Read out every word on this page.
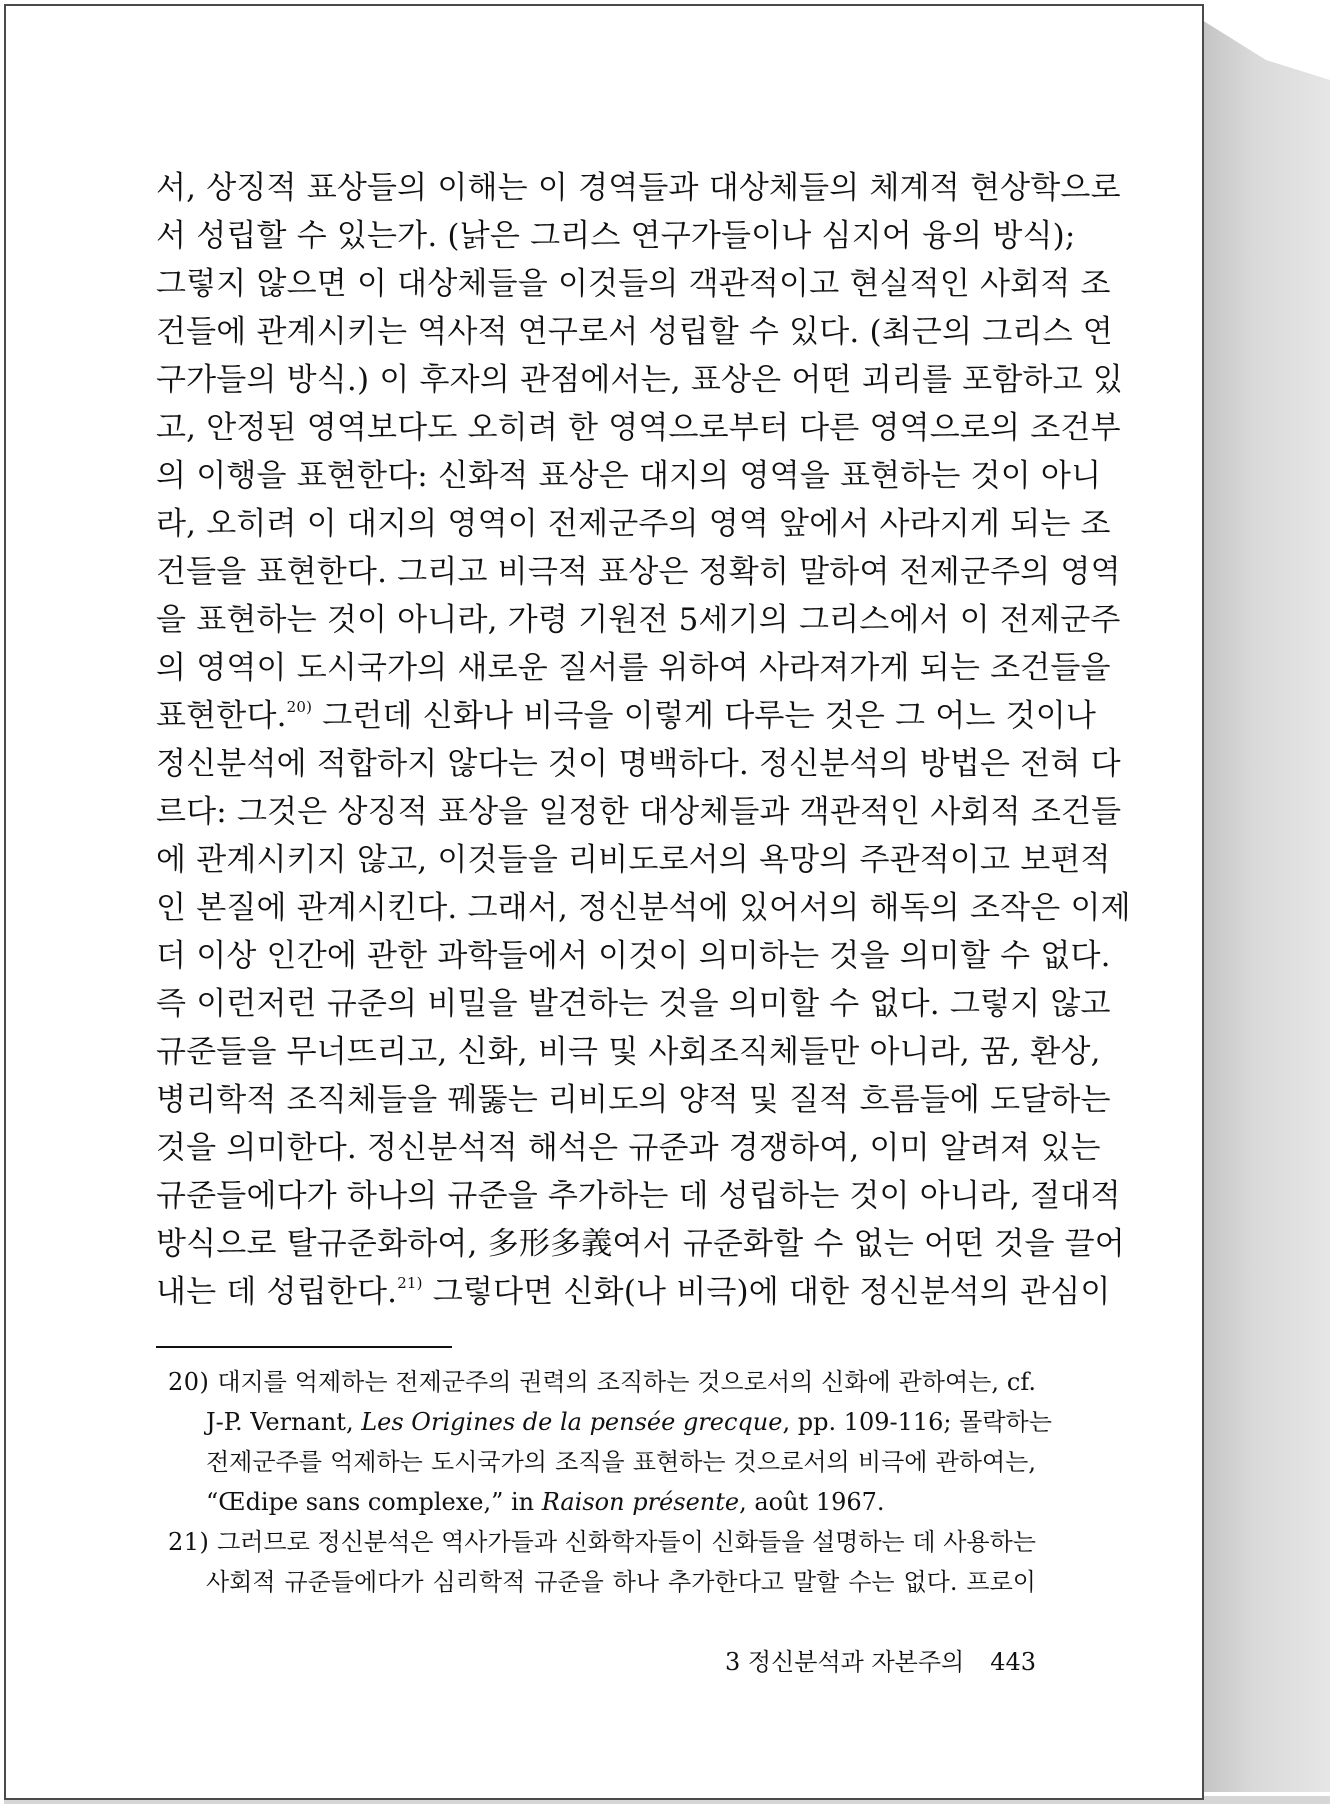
서, 상징적 표상들의 이해는 이 경역들과 대상체들의 체계적 현상학으로
서 성립할 수 있는가. (낡은 그리스 연구가들이나 심지어 융의 방식);
그렇지 않으면 이 대상체들을 이것들의 객관적이고 현실적인 사회적 조
건들에 관계시키는 역사적 연구로서 성립할 수 있다. (최근의 그리스 연
구가들의 방식.) 이 후자의 관점에서는, 표상은 어떤 괴리를 포함하고 있
고, 안정된 영역보다도 오히려 한 영역으로부터 다른 영역으로의 조건부
의 이행을 표현한다: 신화적 표상은 대지의 영역을 표현하는 것이 아니
라, 오히려 이 대지의 영역이 전제군주의 영역 앞에서 사라지게 되는 조
건들을 표현한다. 그리고 비극적 표상은 정확히 말하여 전제군주의 영역
을 표현하는 것이 아니라, 가령 기원전 5세기의 그리스에서 이 전제군주
의 영역이 도시국가의 새로운 질서를 위하여 사라져가게 되는 조건들을
표현한다.$^{20)}$ 그런데 신화나 비극을 이렇게 다루는 것은 그 어느 것이나
정신분석에 적합하지 않다는 것이 명백하다. 정신분석의 방법은 전혀 다
르다: 그것은 상징적 표상을 일정한 대상체들과 객관적인 사회적 조건들
에 관계시키지 않고, 이것들을 리비도로서의 욕망의 주관적이고 보편적
인 본질에 관계시킨다. 그래서, 정신분석에 있어서의 해독의 조작은 이제
더 이상 인간에 관한 과학들에서 이것이 의미하는 것을 의미할 수 없다.
즉 이런저런 규준의 비밀을 발견하는 것을 의미할 수 없다. 그렇지 않고
규준들을 무너뜨리고, 신화, 비극 및 사회조직체들만 아니라, 꿈, 환상,
병리학적 조직체들을 꿰뚫는 리비도의 양적 및 질적 흐름들에 도달하는
것을 의미한다. 정신분석적 해석은 규준과 경쟁하여, 이미 알려져 있는
규준들에다가 하나의 규준을 추가하는 데 성립하는 것이 아니라, 절대적
방식으로 탈규준화하여, 多形多義여서 규준화할 수 없는 어떤 것을 끌어
내는 데 성립한다.$^{21)}$ 그렇다면 신화(나 비극)에 대한 정신분석의 관심이
20) 대지를 억제하는 전제군주의 권력의 조직하는 것으로서의 신화에 관하여는, cf.
J-P. Vernant, Les Origines de la pensée grecque, pp. 109-116; 몰락하는
전제군주를 억제하는 도시국가의 조직을 표현하는 것으로서의 비극에 관하여는,
“Œdipe sans complexe,” in Raison présente, août 1967.
21) 그러므로 정신분석은 역사가들과 신화학자들이 신화들을 설명하는 데 사용하는
사회적 규준들에다가 심리학적 규준을 하나 추가한다고 말할 수는 없다. 프로이
3 정신분석과 자본주의 443
